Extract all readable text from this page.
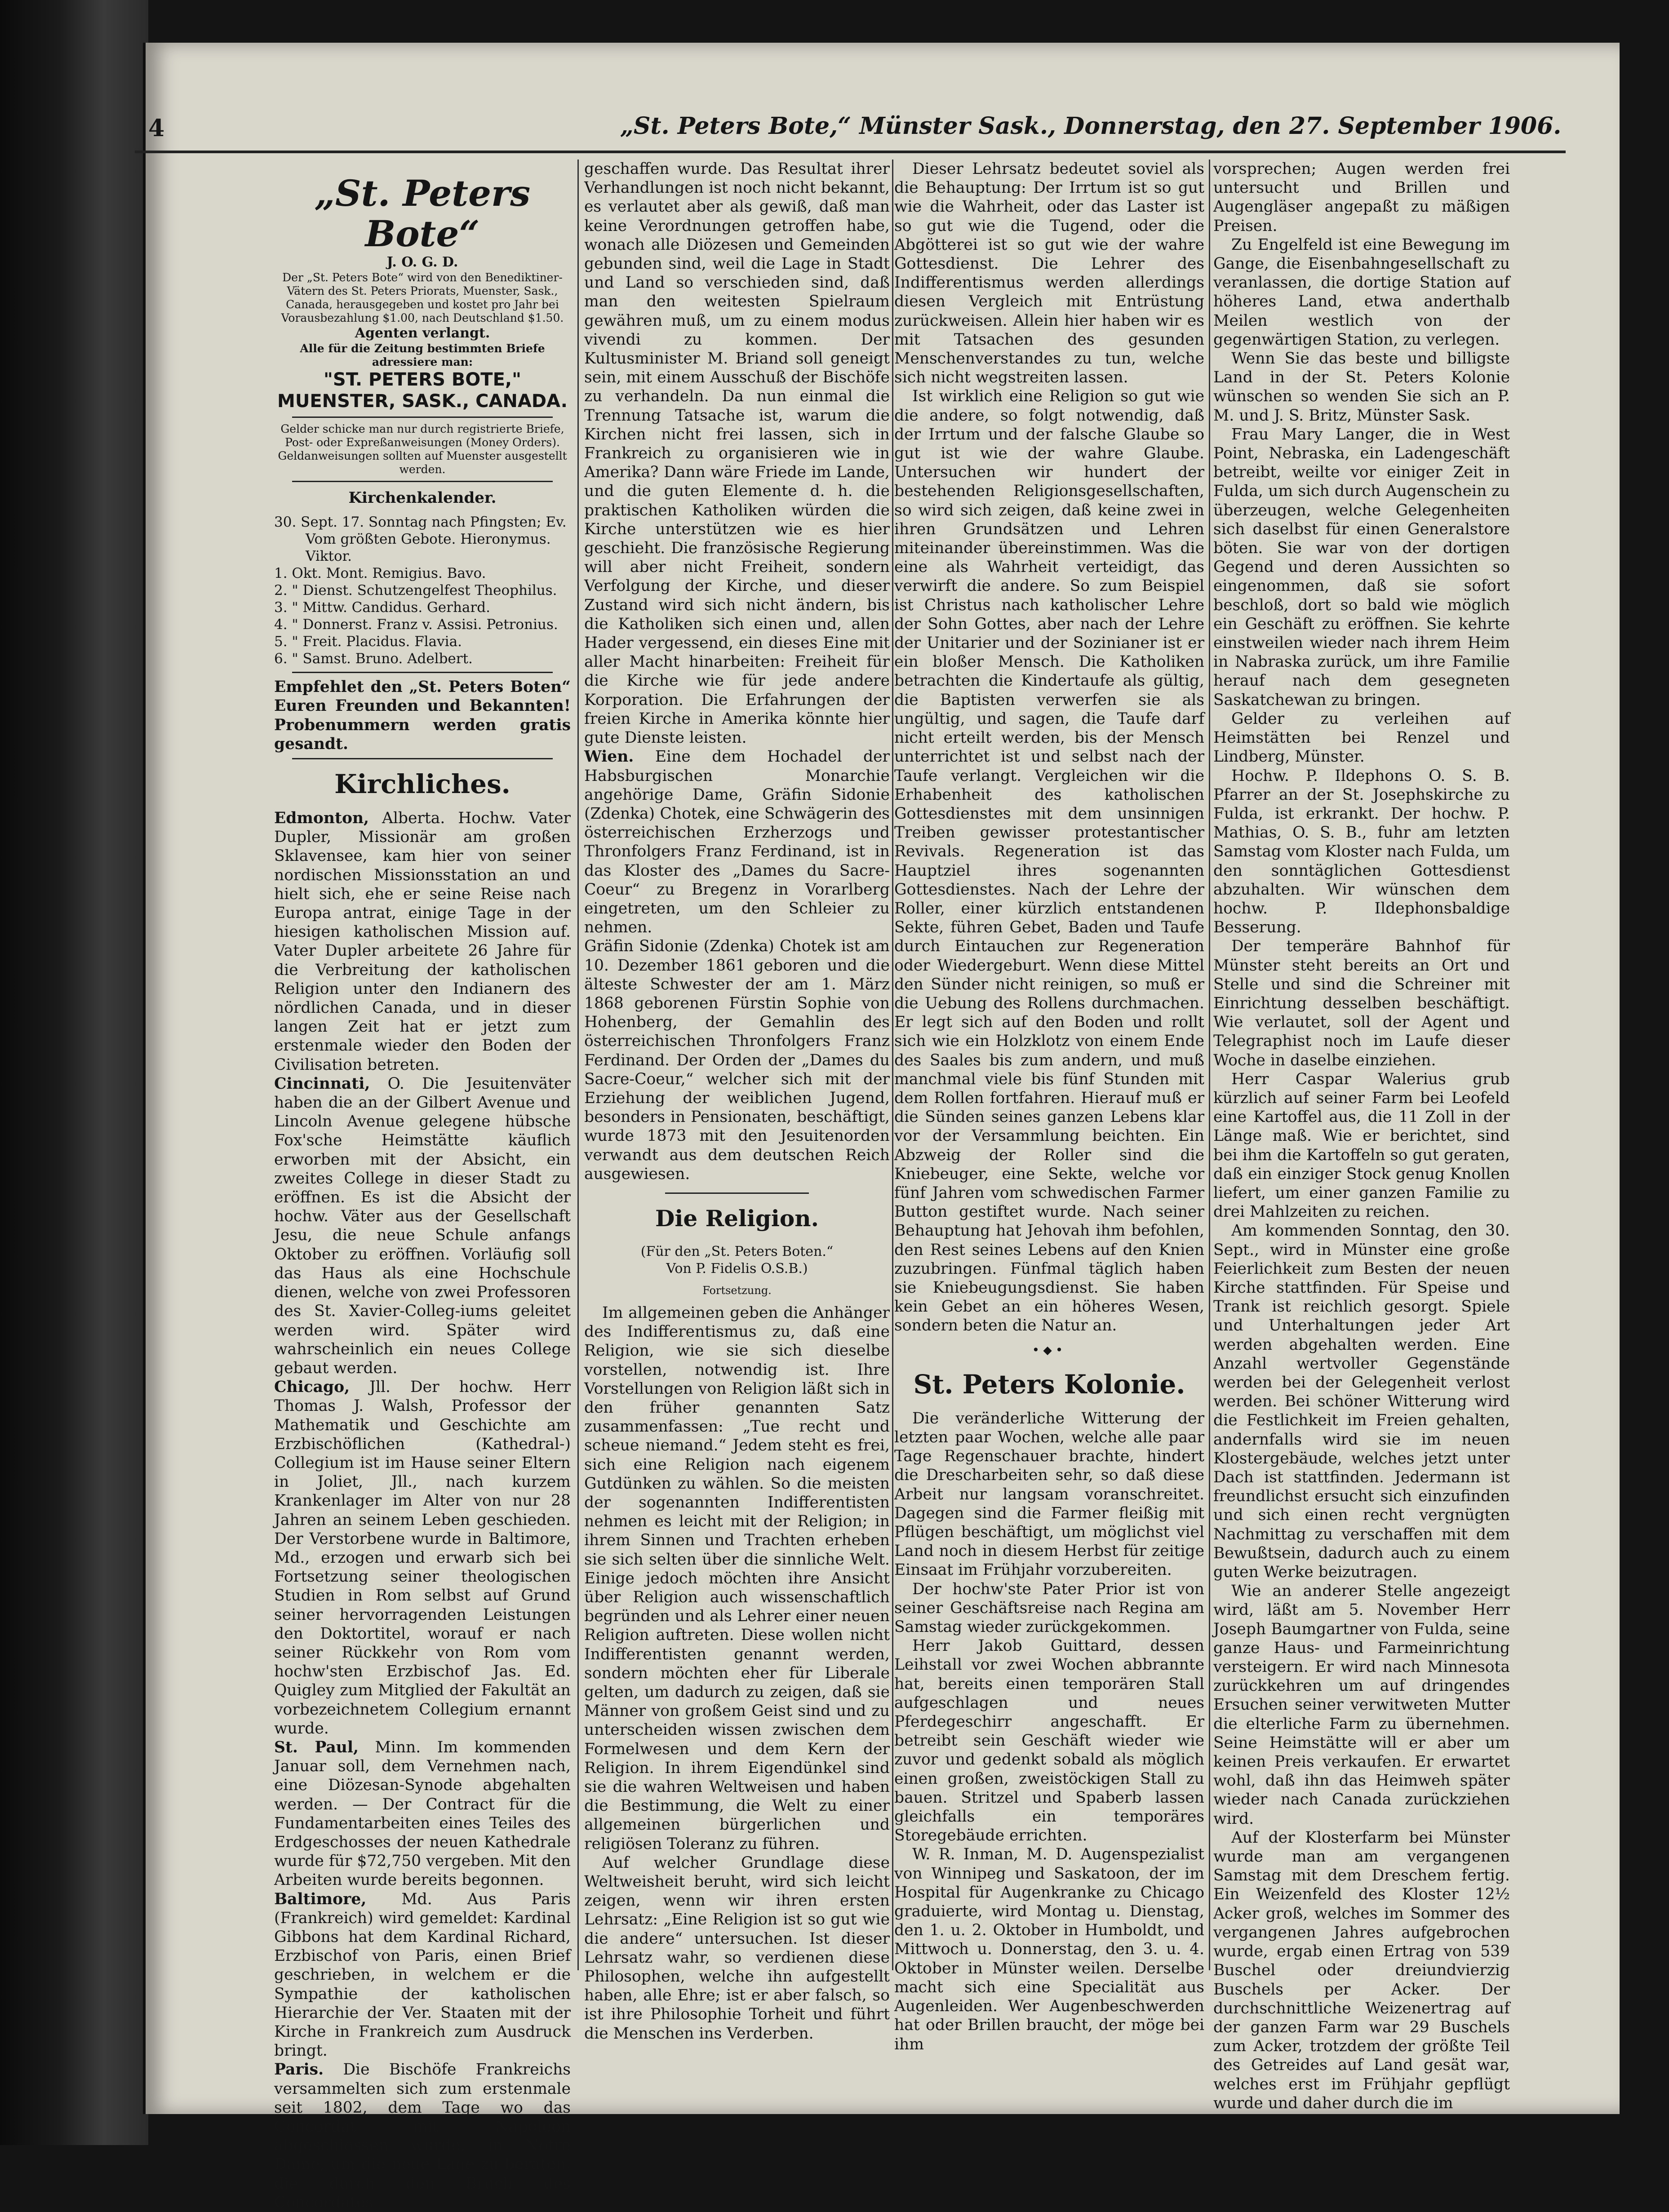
4	„St. Peters Bote,“ Münster Sask., Donnerstag, den 27. September 1906.
„St. Peters Bote“
J. O. G. D.
Der „St. Peters Bote“ wird von den Benediktiner-Vätern des St. Peters Priorats, Muenster, Sask., Canada, herausgegeben und kostet pro Jahr bei Vorausbezahlung $1.00, nach Deutschland $1.50.
Agenten verlangt.
Alle für die Zeitung bestimmten Briefe adressiere man:
"ST. PETERS BOTE,"
MUENSTER, SASK., CANADA.
Gelder schicke man nur durch registrierte Briefe, Post- oder Expreßanweisungen (Money Orders). Geldanweisungen sollten auf Muenster ausgestellt werden.
Kirchenkalender.
30. Sept. 17. Sonntag nach Pfingsten; Ev. Vom größten Gebote. Hieronymus. Viktor.
1. Okt. Mont. Remigius. Bavo.
2. " Dienst. Schutzengelfest Theophilus.
3. " Mittw. Candidus. Gerhard.
4. " Donnerst. Franz v. Assisi. Petronius.
5. " Freit. Placidus. Flavia.
6. " Samst. Bruno. Adelbert.

Empfehlet den „St. Peters Boten“ Euren Freunden und Bekannten! Probenummern werden gratis gesandt.

Kirchliches.

Edmonton, Alberta. Hochw. Vater Dupler, Missionär am großen Sklavensee, kam hier von seiner nordischen Missionsstation an und hielt sich, ehe er seine Reise nach Europa antrat, einige Tage in der hiesigen katholischen Mission auf. Vater Dupler arbeitete 26 Jahre für die Verbreitung der katholischen Religion unter den Indianern des nördlichen Canada, und in dieser langen Zeit hat er jetzt zum erstenmale wieder den Boden der Civilisation betreten.

Cincinnati, O. Die Jesuitenväter haben die an der Gilbert Avenue und Lincoln Avenue gelegene hübsche Fox'sche Heimstätte käuflich erworben mit der Absicht, ein zweites College in dieser Stadt zu eröffnen. Es ist die Absicht der hochw. Väter aus der Gesellschaft Jesu, die neue Schule anfangs Oktober zu eröffnen. Vorläufig soll das Haus als eine Hochschule dienen, welche von zwei Professoren des St. Xavier-Colleg-iums geleitet werden wird. Später wird wahrscheinlich ein neues College gebaut werden.

Chicago, Jll. Der hochw. Herr Thomas J. Walsh, Professor der Mathematik und Geschichte am Erzbischöflichen (Kathedral-) Collegium ist im Hause seiner Eltern in Joliet, Jll., nach kurzem Krankenlager im Alter von nur 28 Jahren an seinem Leben geschieden. Der Verstorbene wurde in Baltimore, Md., erzogen und erwarb sich bei Fortsetzung seiner theologischen Studien in Rom selbst auf Grund seiner hervorragenden Leistungen den Doktortitel, worauf er nach seiner Rückkehr von Rom vom hochw'sten Erzbischof Jas. Ed. Quigley zum Mitglied der Fakultät an vorbezeichnetem Collegium ernannt wurde.

St. Paul, Minn. Im kommenden Januar soll, dem Vernehmen nach, eine Diözesan-Synode abgehalten werden. — Der Contract für die Fundamentarbeiten eines Teiles des Erdgeschosses der neuen Kathedrale wurde für $72,750 vergeben. Mit den Arbeiten wurde bereits begonnen.

Baltimore, Md. Aus Paris (Frankreich) wird gemeldet: Kardinal Gibbons hat dem Kardinal Richard, Erzbischof von Paris, einen Brief geschrieben, in welchem er die Sympathie der katholischen Hierarchie der Ver. Staaten mit der Kirche in Frankreich zum Ausdruck bringt.

Paris. Die Bischöfe Frankreichs versammelten sich zum erstenmale seit 1802, dem Tage wo das Concordat mit Napoleon abgeschlossen wurde, in Notre Dame, um die neue Lage zu beraten, die durch den Bruch des Concordates

geschaffen wurde. Das Resultat ihrer Verhandlungen ist noch nicht bekannt, es verlautet aber als gewiß, daß man keine Verordnungen getroffen habe, wonach alle Diözesen und Gemeinden gebunden sind, weil die Lage in Stadt und Land so verschieden sind, daß man den weitesten Spielraum gewähren muß, um zu einem modus vivendi zu kommen. Der Kultusminister M. Briand soll geneigt sein, mit einem Ausschuß der Bischöfe zu verhandeln. Da nun einmal die Trennung Tatsache ist, warum die Kirchen nicht frei lassen, sich in Frankreich zu organisieren wie in Amerika? Dann wäre Friede im Lande, und die guten Elemente d. h. die praktischen Katholiken würden die Kirche unterstützen wie es hier geschieht. Die französische Regierung will aber nicht Freiheit, sondern Verfolgung der Kirche, und dieser Zustand wird sich nicht ändern, bis die Katholiken sich einen und, allen Hader vergessend, ein dieses Eine mit aller Macht hinarbeiten: Freiheit für die Kirche wie für jede andere Korporation. Die Erfahrungen der freien Kirche in Amerika könnte hier gute Dienste leisten.

Wien. Eine dem Hochadel der Habsburgischen Monarchie angehörige Dame, Gräfin Sidonie (Zdenka) Chotek, eine Schwägerin des österreichischen Erzherzogs und Thronfolgers Franz Ferdinand, ist in das Kloster des „Dames du Sacre-Coeur“ zu Bregenz in Vorarlberg eingetreten, um den Schleier zu nehmen.

Gräfin Sidonie (Zdenka) Chotek ist am 10. Dezember 1861 geboren und die älteste Schwester der am 1. März 1868 geborenen Fürstin Sophie von Hohenberg, der Gemahlin des österreichischen Thronfolgers Franz Ferdinand. Der Orden der „Dames du Sacre-Coeur,“ welcher sich mit der Erziehung der weiblichen Jugend, besonders in Pensionaten, beschäftigt, wurde 1873 mit den Jesuitenorden verwandt aus dem deutschen Reich ausgewiesen.

Die Religion.
(Für den „St. Peters Boten.“
Von P. Fidelis O.S.B.)
Fortsetzung.

Im allgemeinen geben die Anhänger des Indifferentismus zu, daß eine Religion, wie sie sich dieselbe vorstellen, notwendig ist. Ihre Vorstellungen von Religion läßt sich in den früher genannten Satz zusammenfassen: „Tue recht und scheue niemand.“ Jedem steht es frei, sich eine Religion nach eigenem Gutdünken zu wählen. So die meisten der sogenannten Indifferentisten nehmen es leicht mit der Religion; in ihrem Sinnen und Trachten erheben sie sich selten über die sinnliche Welt. Einige jedoch möchten ihre Ansicht über Religion auch wissenschaftlich begründen und als Lehrer einer neuen Religion auftreten. Diese wollen nicht Indifferentisten genannt werden, sondern möchten eher für Liberale gelten, um dadurch zu zeigen, daß sie Männer von großem Geist sind und zu unterscheiden wissen zwischen dem Formelwesen und dem Kern der Religion. In ihrem Eigendünkel sind sie die wahren Weltweisen und haben die Bestimmung, die Welt zu einer allgemeinen bürgerlichen und religiösen Toleranz zu führen.

Auf welcher Grundlage diese Weltweisheit beruht, wird sich leicht zeigen, wenn wir ihren ersten Lehrsatz: „Eine Religion ist so gut wie die andere“ untersuchen. Ist dieser Lehrsatz wahr, so verdienen diese Philosophen, welche ihn aufgestellt haben, alle Ehre; ist er aber falsch, so ist ihre Philosophie Torheit und führt die Menschen ins Verderben.

Dieser Lehrsatz bedeutet soviel als die Behauptung: Der Irrtum ist so gut wie die Wahrheit, oder das Laster ist so gut wie die Tugend, oder die Abgötterei ist so gut wie der wahre Gottesdienst. Die Lehrer des Indifferentismus werden allerdings diesen Vergleich mit Entrüstung zurückweisen. Allein hier haben wir es mit Tatsachen des gesunden Menschenverstandes zu tun, welche sich nicht wegstreiten lassen.

Ist wirklich eine Religion so gut wie die andere, so folgt notwendig, daß der Irrtum und der falsche Glaube so gut ist wie der wahre Glaube. Untersuchen wir hundert der bestehenden Religionsgesellschaften, so wird sich zeigen, daß keine zwei in ihren Grundsätzen und Lehren miteinander übereinstimmen. Was die eine als Wahrheit verteidigt, das verwirft die andere. So zum Beispiel ist Christus nach katholischer Lehre der Sohn Gottes, aber nach der Lehre der Unitarier und der Sozinianer ist er ein bloßer Mensch. Die Katholiken betrachten die Kindertaufe als gültig, die Baptisten verwerfen sie als ungültig, und sagen, die Taufe darf nicht erteilt werden, bis der Mensch unterrichtet ist und selbst nach der Taufe verlangt. Vergleichen wir die Erhabenheit des katholischen Gottesdienstes mit dem unsinnigen Treiben gewisser protestantischer Revivals. Regeneration ist das Hauptziel ihres sogenannten Gottesdienstes. Nach der Lehre der Roller, einer kürzlich entstandenen Sekte, führen Gebet, Baden und Taufe durch Eintauchen zur Regeneration oder Wiedergeburt. Wenn diese Mittel den Sünder nicht reinigen, so muß er die Uebung des Rollens durchmachen. Er legt sich auf den Boden und rollt sich wie ein Holzklotz von einem Ende des Saales bis zum andern, und muß manchmal viele bis fünf Stunden mit dem Rollen fortfahren. Hierauf muß er die Sünden seines ganzen Lebens klar vor der Versammlung beichten. Ein Abzweig der Roller sind die Kniebeuger, eine Sekte, welche vor fünf Jahren vom schwedischen Farmer Button gestiftet wurde. Nach seiner Behauptung hat Jehovah ihm befohlen, den Rest seines Lebens auf den Knien zuzubringen. Fünfmal täglich haben sie Kniebeugungsdienst. Sie haben kein Gebet an ein höheres Wesen, sondern beten die Natur an.

•⬥•
St. Peters Kolonie.

Die veränderliche Witterung der letzten paar Wochen, welche alle paar Tage Regenschauer brachte, hindert die Drescharbeiten sehr, so daß diese Arbeit nur langsam voranschreitet. Dagegen sind die Farmer fleißig mit Pflügen beschäftigt, um möglichst viel Land noch in diesem Herbst für zeitige Einsaat im Frühjahr vorzubereiten.

Der hochw'ste Pater Prior ist von seiner Geschäftsreise nach Regina am Samstag wieder zurückgekommen.

Herr Jakob Guittard, dessen Leihstall vor zwei Wochen abbrannte hat, bereits einen temporären Stall aufgeschlagen und neues Pferdegeschirr angeschafft. Er betreibt sein Geschäft wieder wie zuvor und gedenkt sobald als möglich einen großen, zweistöckigen Stall zu bauen. Stritzel und Spaberb lassen gleichfalls ein temporäres Storegebäude errichten.

W. R. Inman, M. D. Augenspezialist von Winnipeg und Saskatoon, der im Hospital für Augenkranke zu Chicago graduierte, wird Montag u. Dienstag, den 1. u. 2. Oktober in Humboldt, und Mittwoch u. Donnerstag, den 3. u. 4. Oktober in Münster weilen. Derselbe macht sich eine Specialität aus Augenleiden. Wer Augenbeschwerden hat oder Brillen braucht, der möge bei ihm

vorsprechen; Augen werden frei untersucht und Brillen und Augengläser angepaßt zu mäßigen Preisen.

Zu Engelfeld ist eine Bewegung im Gange, die Eisenbahngesellschaft zu veranlassen, die dortige Station auf höheres Land, etwa anderthalb Meilen westlich von der gegenwärtigen Station, zu verlegen.

Wenn Sie das beste und billigste Land in der St. Peters Kolonie wünschen so wenden Sie sich an P. M. und J. S. Britz, Münster Sask.

Frau Mary Langer, die in West Point, Nebraska, ein Ladengeschäft betreibt, weilte vor einiger Zeit in Fulda, um sich durch Augenschein zu überzeugen, welche Gelegenheiten sich daselbst für einen Generalstore böten. Sie war von der dortigen Gegend und deren Aussichten so eingenommen, daß sie sofort beschloß, dort so bald wie möglich ein Geschäft zu eröffnen. Sie kehrte einstweilen wieder nach ihrem Heim in Nabraska zurück, um ihre Familie herauf nach dem gesegneten Saskatchewan zu bringen.

Gelder zu verleihen auf Heimstätten bei Renzel und Lindberg, Münster.

Hochw. P. Ildephons O. S. B. Pfarrer an der St. Josephskirche zu Fulda, ist erkrankt. Der hochw. P. Mathias, O. S. B., fuhr am letzten Samstag vom Kloster nach Fulda, um den sonntäglichen Gottesdienst abzuhalten. Wir wünschen dem hochw. P. Ildephonsbaldige Besserung.

Der temperäre Bahnhof für Münster steht bereits an Ort und Stelle und sind die Schreiner mit Einrichtung desselben beschäftigt. Wie verlautet, soll der Agent und Telegraphist noch im Laufe dieser Woche in daselbe einziehen.

Herr Caspar Walerius grub kürzlich auf seiner Farm bei Leofeld eine Kartoffel aus, die 11 Zoll in der Länge maß. Wie er berichtet, sind bei ihm die Kartoffeln so gut geraten, daß ein einziger Stock genug Knollen liefert, um einer ganzen Familie zu drei Mahlzeiten zu reichen.

Am kommenden Sonntag, den 30. Sept., wird in Münster eine große Feierlichkeit zum Besten der neuen Kirche stattfinden. Für Speise und Trank ist reichlich gesorgt. Spiele und Unterhaltungen jeder Art werden abgehalten werden. Eine Anzahl wertvoller Gegenstände werden bei der Gelegenheit verlost werden. Bei schöner Witterung wird die Festlichkeit im Freien gehalten, andernfalls wird sie im neuen Klostergebäude, welches jetzt unter Dach ist stattfinden. Jedermann ist freundlichst ersucht sich einzufinden und sich einen recht vergnügten Nachmittag zu verschaffen mit dem Bewußtsein, dadurch auch zu einem guten Werke beizutragen.

Wie an anderer Stelle angezeigt wird, läßt am 5. November Herr Joseph Baumgartner von Fulda, seine ganze Haus- und Farmeinrichtung versteigern. Er wird nach Minnesota zurückkehren um auf dringendes Ersuchen seiner verwitweten Mutter die elterliche Farm zu übernehmen. Seine Heimstätte will er aber um keinen Preis verkaufen. Er erwartet wohl, daß ihn das Heimweh später wieder nach Canada zurückziehen wird.

Auf der Klosterfarm bei Münster wurde man am vergangenen Samstag mit dem Dreschem fertig. Ein Weizenfeld des Kloster 12½ Acker groß, welches im Sommer des vergangenen Jahres aufgebrochen wurde, ergab einen Ertrag von 539 Buschel oder dreiundvierzig Buschels per Acker. Der durchschnittliche Weizenertrag auf der ganzen Farm war 29 Buschels zum Acker, trotzdem der größte Teil des Getreides auf Land gesät war, welches erst im Frühjahr gepflügt wurde und daher durch die im
